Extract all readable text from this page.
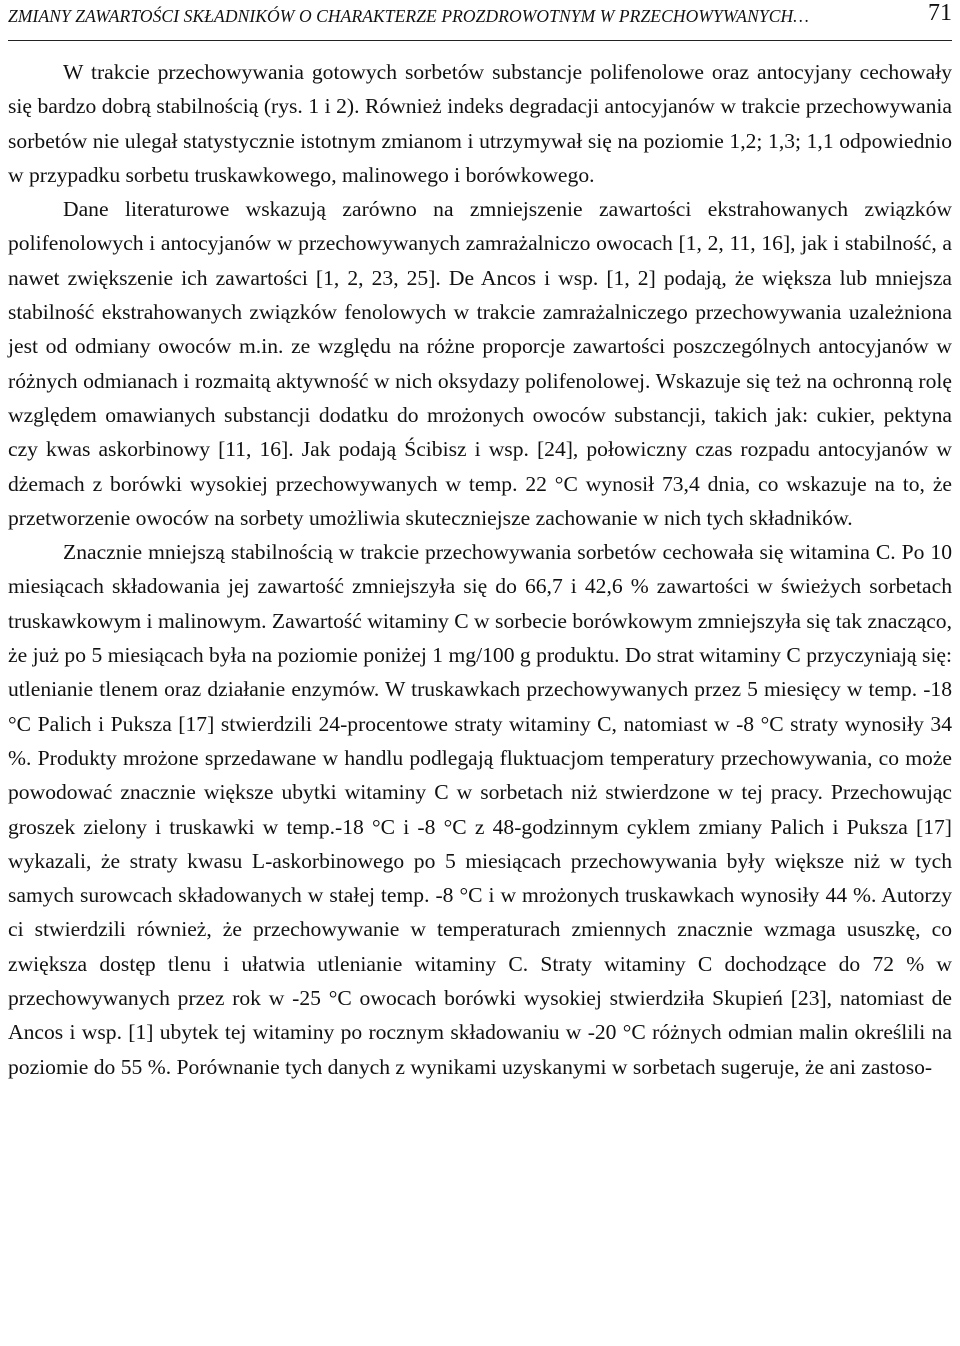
ZMIANY ZAWARTOŚCI SKŁADNIKÓW O CHARAKTERZE PROZDROWOTNYM W PRZECHOWYWANYCH…	71

W trakcie przechowywania gotowych sorbetów substancje polifenolowe oraz antocyjany cechowały się bardzo dobrą stabilnością (rys. 1 i 2). Również indeks degradacji antocyjanów w trakcie przechowywania sorbetów nie ulegał statystycznie istotnym zmianom i utrzymywał się na poziomie 1,2; 1,3; 1,1 odpowiednio w przypadku sorbetu truskawkowego, malinowego i borówkowego.

Dane literaturowe wskazują zarówno na zmniejszenie zawartości ekstrahowanych związków polifenolowych i antocyjanów w przechowywanych zamrażalniczo owocach [1, 2, 11, 16], jak i stabilność, a nawet zwiększenie ich zawartości [1, 2, 23, 25]. De Ancos i wsp. [1, 2] podają, że większa lub mniejsza stabilność ekstrahowanych związków fenolowych w trakcie zamrażalniczego przechowywania uzależniona jest od odmiany owoców m.in. ze względu na różne proporcje zawartości poszczególnych antocyjanów w różnych odmianach i rozmaitą aktywność w nich oksydazy polifenolowej. Wskazuje się też na ochronną rolę względem omawianych substancji dodatku do mrożonych owoców substancji, takich jak: cukier, pektyna czy kwas askorbinowy [11, 16]. Jak podają Ścibisz i wsp. [24], połowiczny czas rozpadu antocyjanów w dżemach z borówki wysokiej przechowywanych w temp. 22 °C wynosił 73,4 dnia, co wskazuje na to, że przetworzenie owoców na sorbety umożliwia skuteczniejsze zachowanie w nich tych składników.

Znacznie mniejszą stabilnością w trakcie przechowywania sorbetów cechowała się witamina C. Po 10 miesiącach składowania jej zawartość zmniejszyła się do 66,7 i 42,6 % zawartości w świeżych sorbetach truskawkowym i malinowym. Zawartość witaminy C w sorbecie borówkowym zmniejszyła się tak znacząco, że już po 5 miesiącach była na poziomie poniżej 1 mg/100 g produktu. Do strat witaminy C przyczyniają się: utlenianie tlenem oraz działanie enzymów. W truskawkach przechowywanych przez 5 miesięcy w temp. -18 °C Palich i Puksza [17] stwierdzili 24-procentowe straty witaminy C, natomiast w -8 °C straty wynosiły 34 %. Produkty mrożone sprzedawane w handlu podlegają fluktuacjom temperatury przechowywania, co może powodować znacznie większe ubytki witaminy C w sorbetach niż stwierdzone w tej pracy. Przechowując groszek zielony i truskawki w temp.-18 °C i -8 °C z 48-godzinnym cyklem zmiany Palich i Puksza [17] wykazali, że straty kwasu L-askorbinowego po 5 miesiącach przechowywania były większe niż w tych samych surowcach składowanych w stałej temp. -8 °C i w mrożonych truskawkach wynosiły 44 %. Autorzy ci stwierdzili również, że przechowywanie w temperaturach zmiennych znacznie wzmaga ususzkę, co zwiększa dostęp tlenu i ułatwia utlenianie witaminy C. Straty witaminy C dochodzące do 72 % w przechowywanych przez rok w -25 °C owocach borówki wysokiej stwierdziła Skupień [23], natomiast de Ancos i wsp. [1] ubytek tej witaminy po rocznym składowaniu w -20 °C różnych odmian malin określili na poziomie do 55 %. Porównanie tych danych z wynikami uzyskanymi w sorbetach sugeruje, że ani zastoso-
